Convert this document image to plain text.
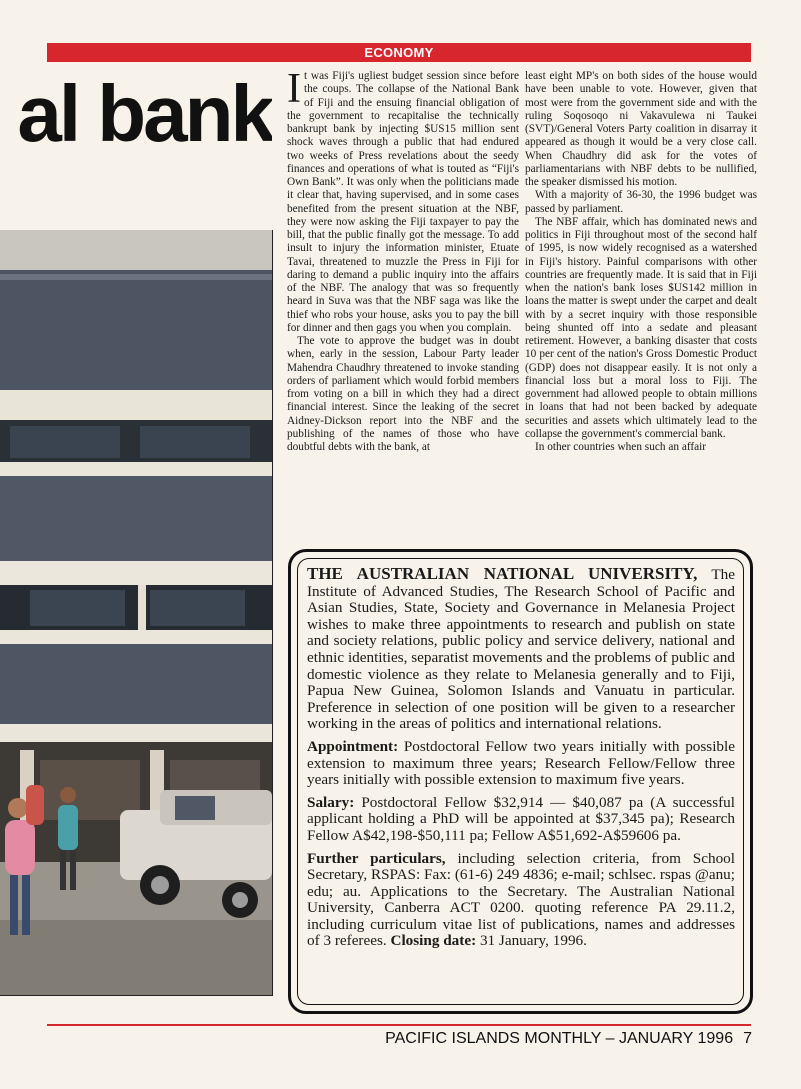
ECONOMY
al bank It was Fiji's ugliest budget session since before the coups. The collapse of the National Bank of Fiji and the ensuing financial obligation of the government to recapitalise the technically bankrupt bank by injecting $US15 million sent shock waves through a public that had endured two weeks of Press revelations about the seedy finances and operations of what is touted as “Fiji's Own Bank”. It was only when the politicians made it clear that, having supervised, and in some cases benefited from the present situation at the NBF, they were now asking the Fiji taxpayer to pay the bill, that the public finally got the message. To add insult to injury the information minister, Etuate Tavai, threatened to muzzle the Press in Fiji for daring to demand a public inquiry into the affairs of the NBF. The analogy that was so frequently heard in Suva was that the NBF saga was like the thief who robs your house, asks you to pay the bill for dinner and then gags you when you complain.

The vote to approve the budget was in doubt when, early in the session, Labour Party leader Mahendra Chaudhry threatened to invoke standing orders of parliament which would forbid members from voting on a bill in which they had a direct financial interest. Since the leaking of the secret Aidney-Dickson report into the NBF and the publishing of the names of those who have doubtful debts with the bank, at

least eight MP's on both sides of the house would have been unable to vote. However, given that most were from the government side and with the ruling Soqosoqo ni Vakavulewa ni Taukei (SVT)/General Voters Party coalition in disarray it appeared as though it would be a very close call. When Chaudhry did ask for the votes of parliamentarians with NBF debts to be nullified, the speaker dismissed his motion.

With a majority of 36-30, the 1996 budget was passed by parliament.

The NBF affair, which has dominated news and politics in Fiji throughout most of the second half of 1995, is now widely recognised as a watershed in Fiji's history. Painful comparisons with other countries are frequently made. It is said that in Fiji when the nation's bank loses $US142 million in loans the matter is swept under the carpet and dealt with by a secret inquiry with those responsible being shunted off into a sedate and pleasant retirement. However, a banking disaster that costs 10 per cent of the nation's Gross Domestic Product (GDP) does not disappear easily. It is not only a financial loss but a moral loss to Fiji. The government had allowed people to obtain millions in loans that had not been backed by adequate securities and assets which ultimately lead to the collapse the government's commercial bank.

In other countries when such an affair

THE AUSTRALIAN NATIONAL UNIVERSITY, The Institute of Advanced Studies, The Research School of Pacific and Asian Studies, State, Society and Governance in Melanesia Project wishes to make three appointments to research and publish on state and society relations, public policy and service delivery, national and ethnic identities, separatist movements and the problems of public and domestic violence as they relate to Melanesia generally and to Fiji, Papua New Guinea, Solomon Islands and Vanuatu in particular. Preference in selection of one position will be given to a researcher working in the areas of politics and international relations.

Appointment: Postdoctoral Fellow two years initially with possible extension to maximum three years; Research Fellow/Fellow three years initially with possible extension to maximum five years.

Salary: Postdoctoral Fellow $32,914 — $40,087 pa (A successful applicant holding a PhD will be appointed at $37,345 pa); Research Fellow A$42,198-$50,111 pa; Fellow A$51,692-A$59606 pa.

Further particulars, including selection criteria, from School Secretary, RSPAS: Fax: (61-6) 249 4836; e-mail; schlsec. rspas @anu; edu; au. Applications to the Secretary. The Australian National University, Canberra ACT 0200. quoting reference PA 29.11.2, including curriculum vitae list of publications, names and addresses of 3 referees. Closing date: 31 January, 1996.

PACIFIC ISLANDS MONTHLY – JANUARY 1996 7
